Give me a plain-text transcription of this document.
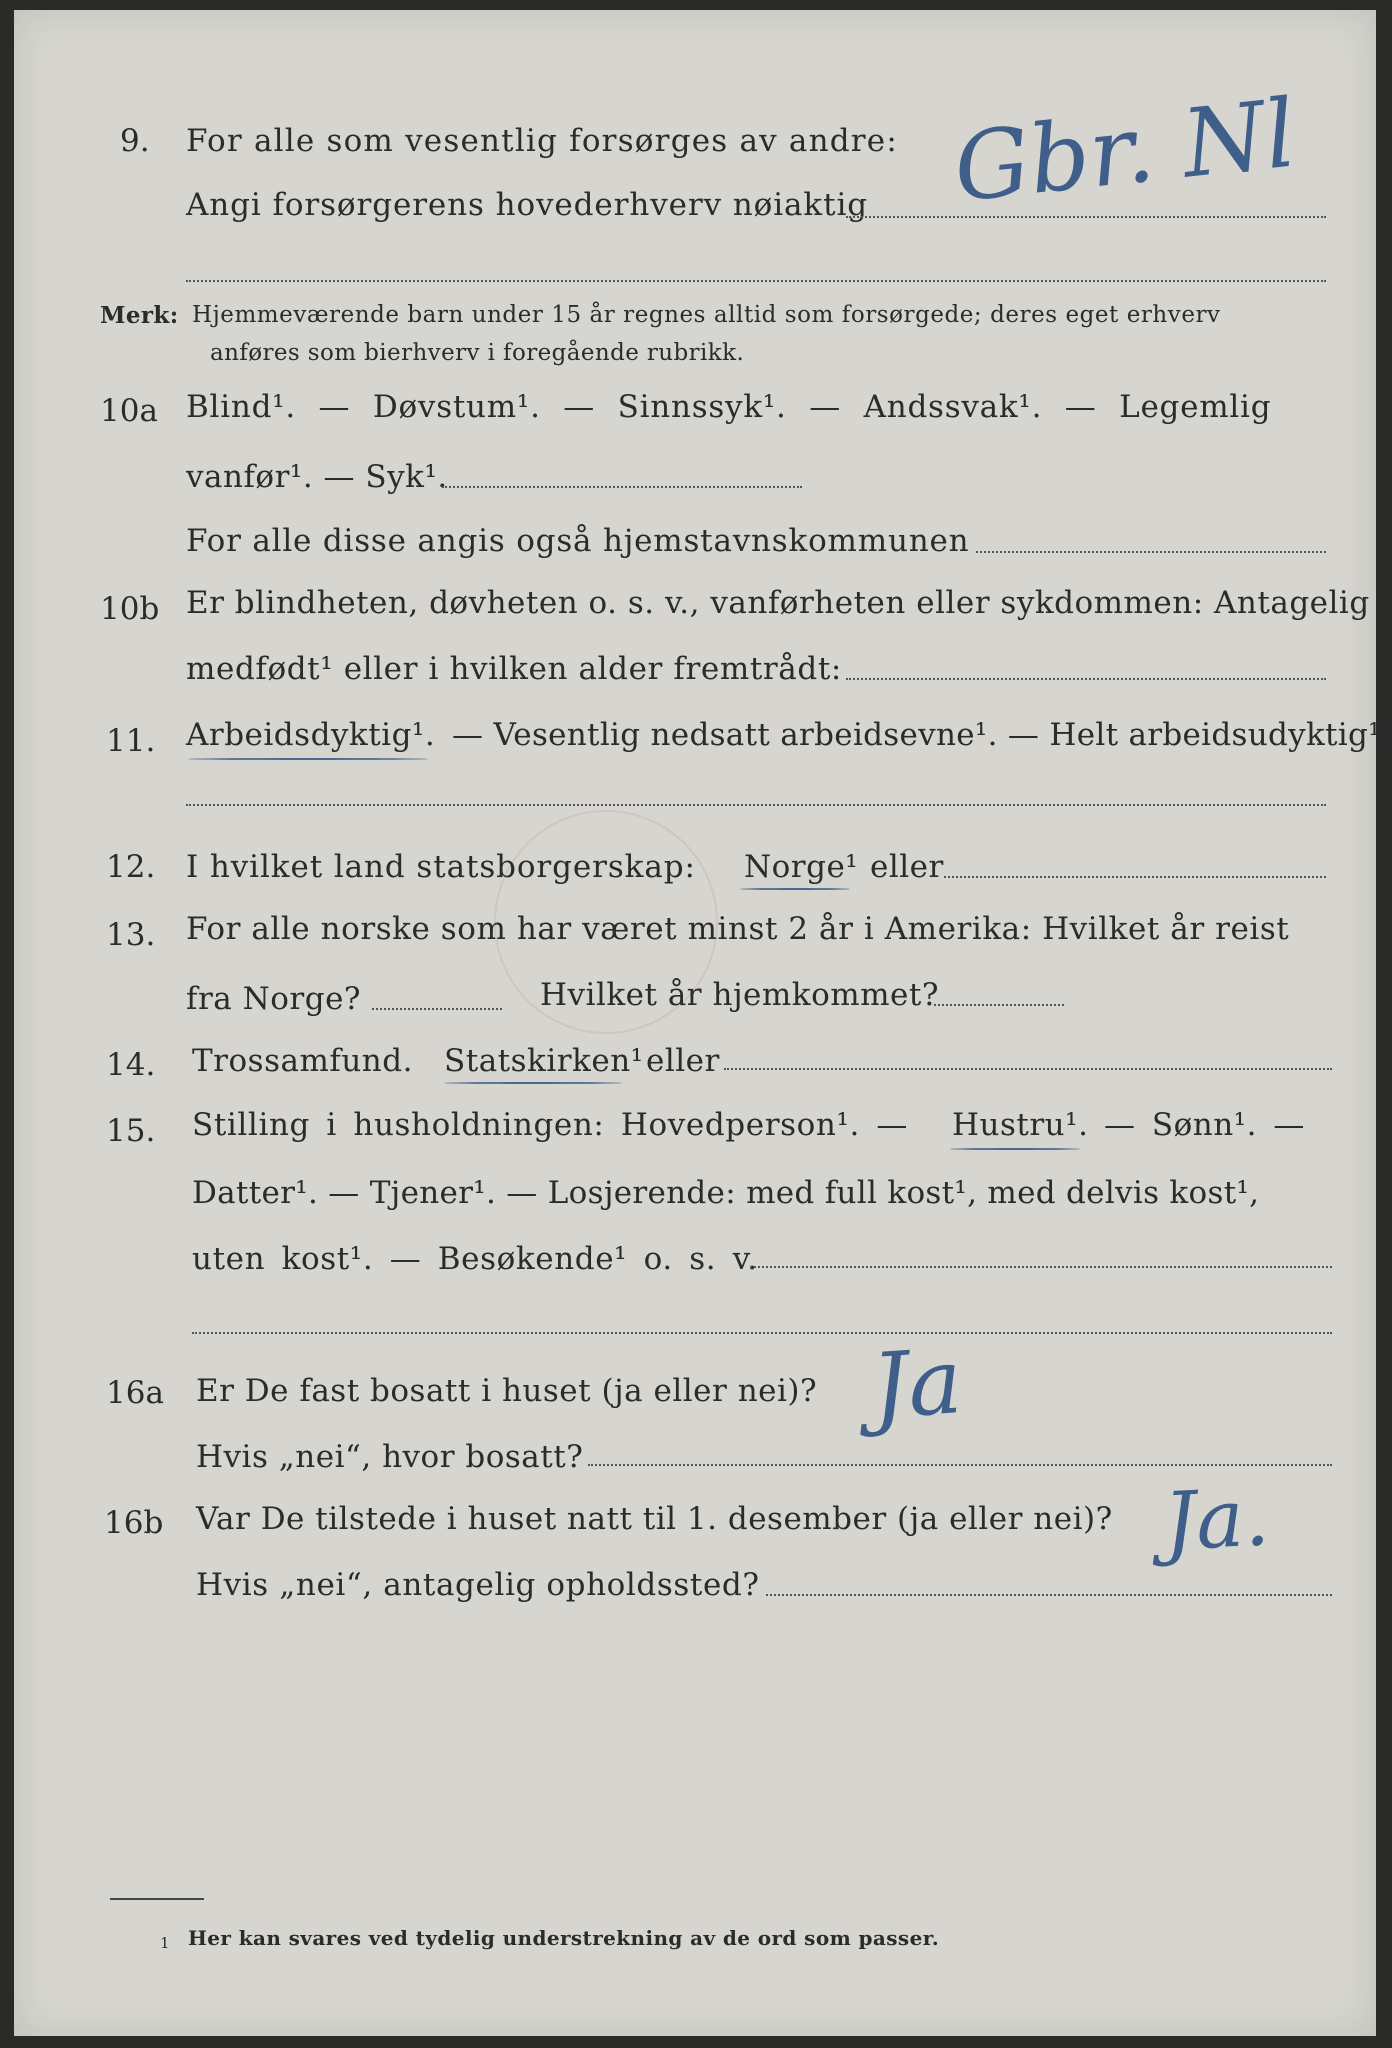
9. For alle som vesentlig forsørges av andre:
Angi forsørgerens hovederhverv nøiaktig Gbr. Nl
Merk: Hjemmeværende barn under 15 år regnes alltid som forsørgede; deres eget erhverv
anføres som bierhverv i foregående rubrikk.
10a Blind¹. — Døvstum¹. — Sinnssyk¹. — Andssvak¹. — Legemlig
vanfør¹. — Syk¹.
For alle disse angis også hjemstavnskommunen
10b Er blindheten, døvheten o. s. v., vanførheten eller sykdommen: Antagelig
medfødt¹ eller i hvilken alder fremtrådt:
11. Arbeidsdyktig¹. — Vesentlig nedsatt arbeidsevne¹. — Helt arbeidsudyktig¹.
12. I hvilket land statsborgerskap: Norge¹ eller
13. For alle norske som har været minst 2 år i Amerika: Hvilket år reist
fra Norge?	Hvilket år hjemkommet?
14. Trossamfund. Statskirken¹ eller
15. Stilling i husholdningen: Hovedperson¹. — Hustru¹. — Sønn¹. —
Datter¹. — Tjener¹. — Losjerende: med full kost¹, med delvis kost¹,
uten kost¹. — Besøkende¹ o. s. v.
16a Er De fast bosatt i huset (ja eller nei)?
Hvis „nei“, hvor bosatt?
Ja
16b Var De tilstede i huset natt til 1. desember (ja eller nei)? Ja.
Hvis „nei“, antagelig opholdssted?
1 Her kan svares ved tydelig understrekning av de ord som passer.
